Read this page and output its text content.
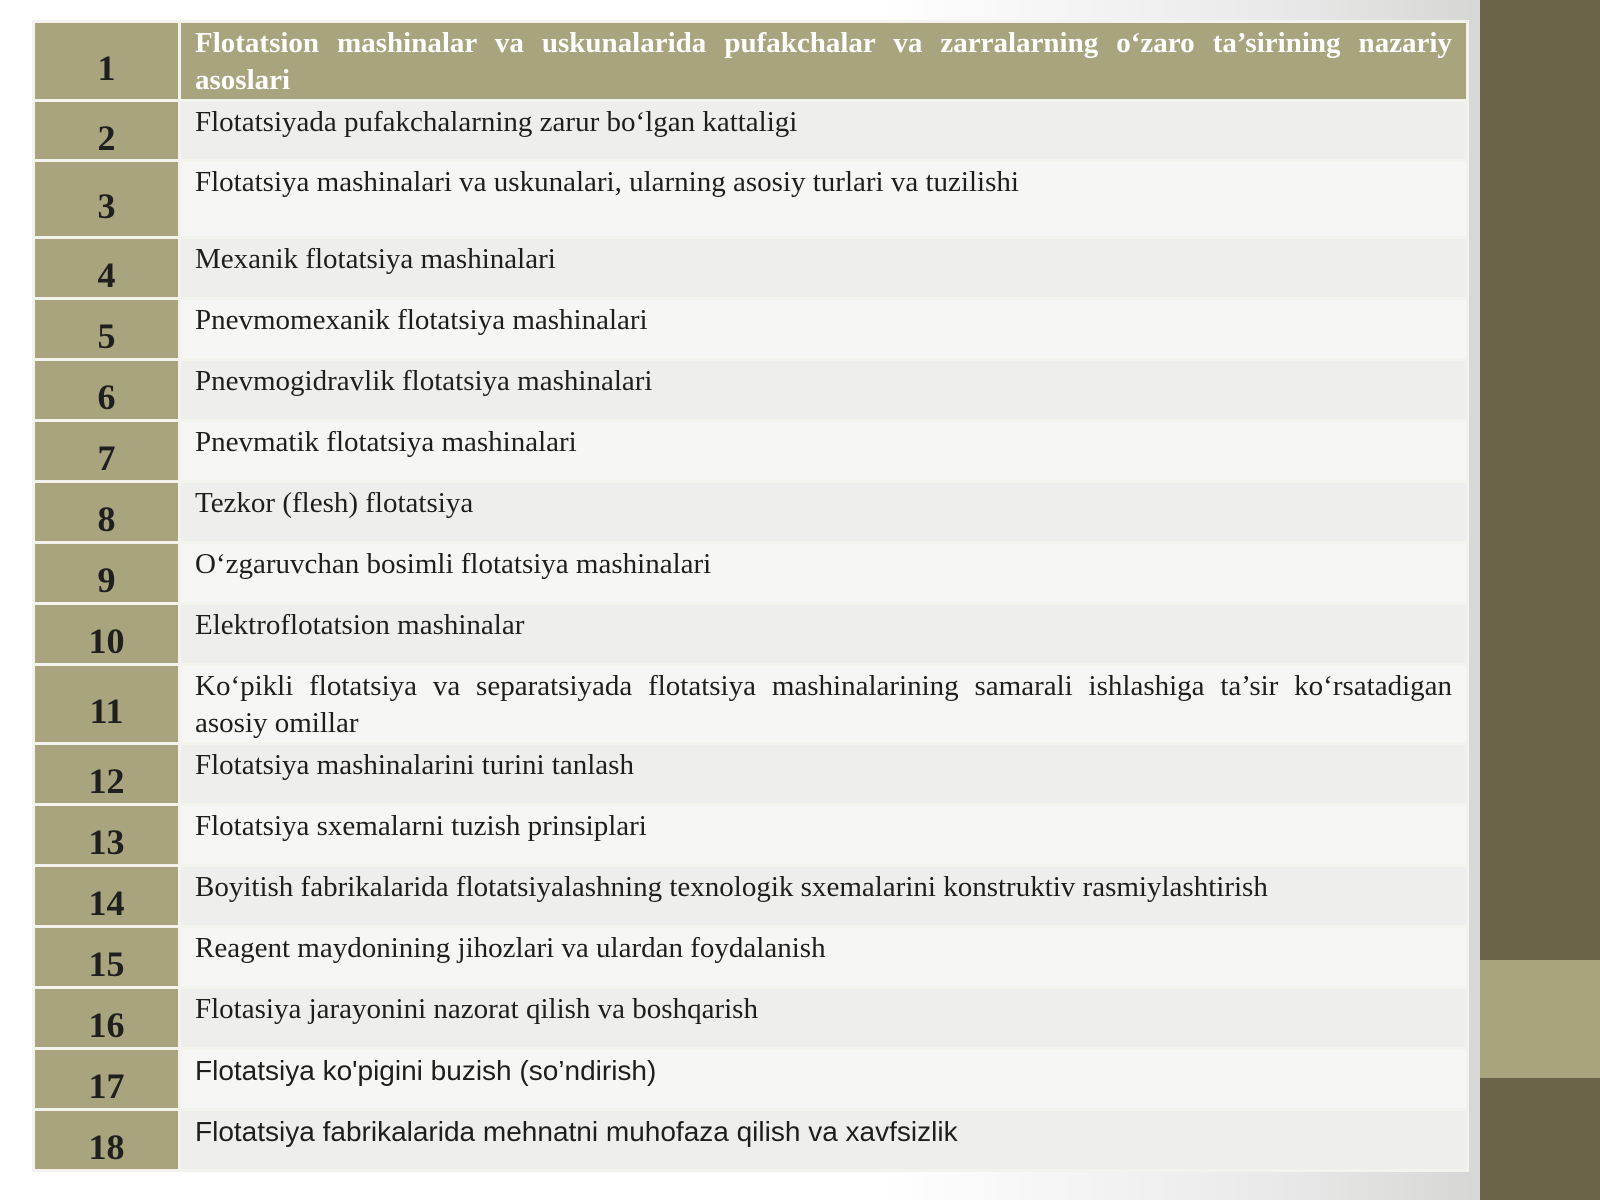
1	Flotatsion mashinalar va uskunalarida pufakchalar va zarralarning o‘zaro ta’sirining nazariy asoslari
2	Flotatsiyada pufakchalarning zarur bo‘lgan kattaligi
3	Flotatsiya mashinalari va uskunalari, ularning asosiy turlari va tuzilishi
4	Mexanik flotatsiya mashinalari
5	Pnevmomexanik flotatsiya mashinalari
6	Pnevmogidravlik flotatsiya mashinalari
7	Pnevmatik flotatsiya mashinalari
8	Tezkor (flesh) flotatsiya
9	O‘zgaruvchan bosimli flotatsiya mashinalari
10	Elektroflotatsion mashinalar
11	Ko‘pikli flotatsiya va separatsiyada flotatsiya mashinalarining samarali ishlashiga ta’sir ko‘rsatadigan asosiy omillar
12	Flotatsiya mashinalarini turini tanlash
13	Flotatsiya sxemalarni tuzish prinsiplari
14	Boyitish fabrikalarida flotatsiyalashning texnologik sxemalarini konstruktiv rasmiylashtirish
15	Reagent maydonining jihozlari va ulardan foydalanish
16	Flotasiya jarayonini nazorat qilish va boshqarish
17	Flotatsiya ko'pigini buzish (so’ndirish)
18	Flotatsiya fabrikalarida mehnatni muhofaza qilish va xavfsizlik
